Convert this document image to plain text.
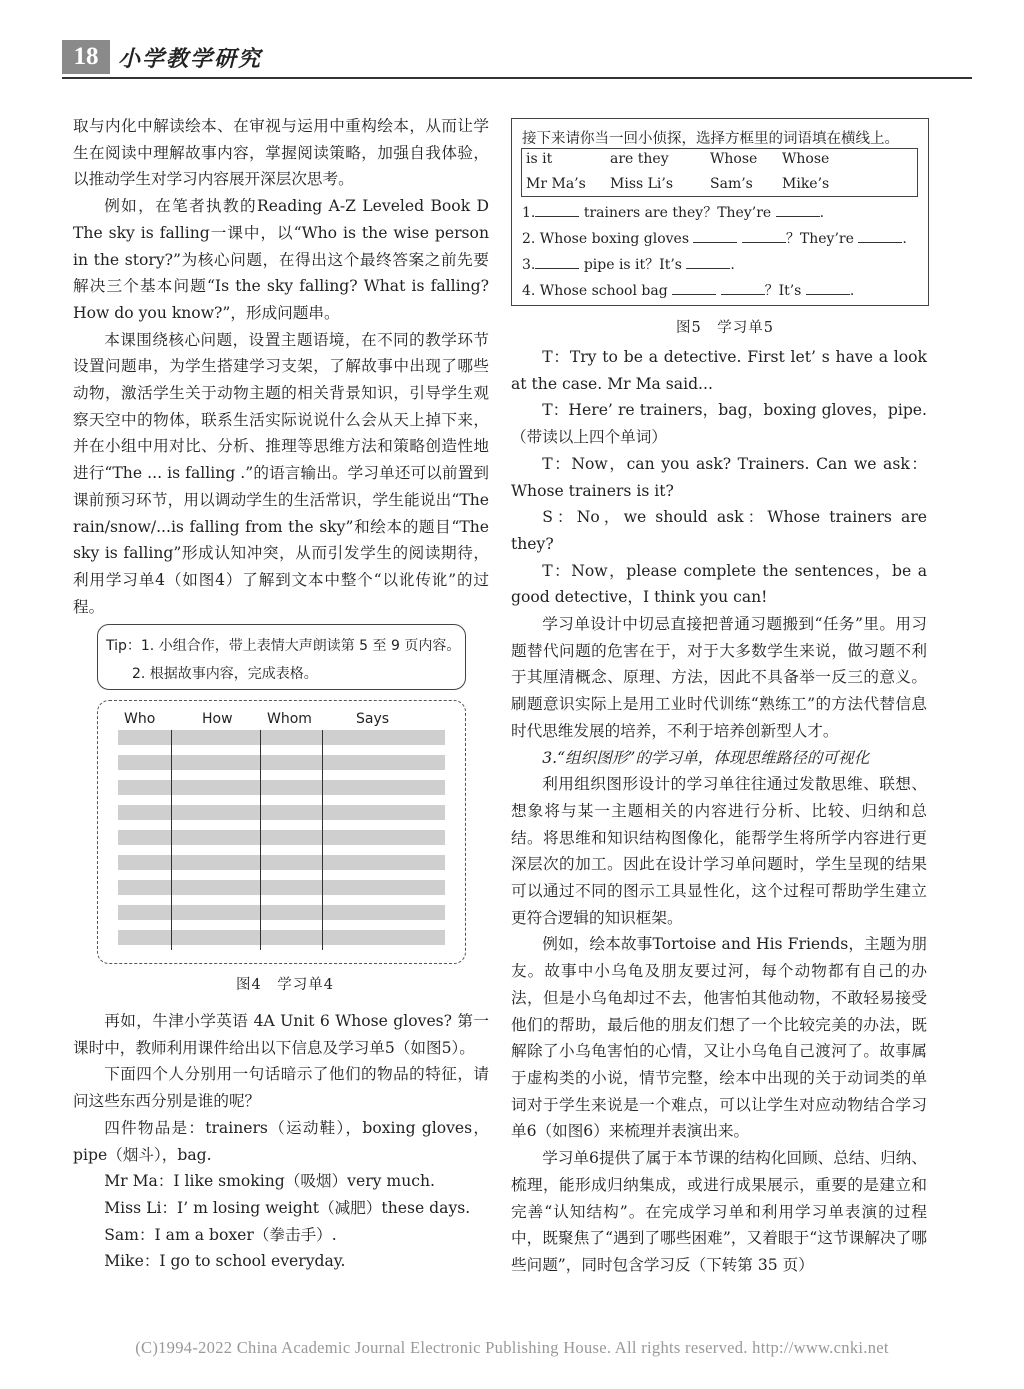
18 小学教学研究

取与内化中解读绘本、在审视与运用中重构绘本，从而让学生在阅读中理解故事内容，掌握阅读策略，加强自我体验，以推动学生对学习内容展开深层次思考。

例如，在笔者执教的Reading A-Z Leveled Book D The sky is falling一课中，以“Who is the wise person in the story?”为核心问题，在得出这个最终答案之前先要解决三个基本问题“Is the sky falling? What is falling? How do you know?”，形成问题串。

本课围绕核心问题，设置主题语境，在不同的教学环节设置问题串，为学生搭建学习支架，了解故事中出现了哪些动物，激活学生关于动物主题的相关背景知识，引导学生观察天空中的物体，联系生活实际说说什么会从天上掉下来，并在小组中用对比、分析、推理等思维方法和策略创造性地进行“The ... is falling .”的语言输出。学习单还可以前置到课前预习环节，用以调动学生的生活常识，学生能说出“The rain/snow/...is falling from the sky”和绘本的题目“The sky is falling”形成认知冲突，从而引发学生的阅读期待，利用学习单4（如图4）了解到文本中整个“以讹传讹”的过程。

Tip：1. 小组合作，带上表情大声朗读第 5 至 9 页内容。
2. 根据故事内容，完成表格。
Who	How Whom	Says
图4　学习单4

再如，牛津小学英语 4A Unit 6 Whose gloves? 第一课时中，教师利用课件给出以下信息及学习单5（如图5）。

下面四个人分别用一句话暗示了他们的物品的特征，请问这些东西分别是谁的呢？

四件物品是：trainers（运动鞋），boxing gloves，pipe（烟斗），bag.

Mr Ma：I like smoking（吸烟）very much.

Miss Li：I’ m losing weight（减肥）these days.

Sam：I am a boxer（拳击手）.

Mike：I go to school everyday.

接下来请你当一回小侦探，选择方框里的词语填在横线上。
is it	are they	Whose Whose
Mr Ma’s Miss Li’s	Sam’s Mike’s
1.	trainers are they？They’re	.
2. Whose boxing gloves	？They’re	.
3.	pipe is it？It’s	.
4. Whose school bag	？It’s	.
图5　学习单5

T：Try to be a detective. First let’ s have a look at the case. Mr Ma said...

T：Here’ re trainers，bag，boxing gloves，pipe.（带读以上四个单词）

T：Now，can you ask? Trainers. Can we ask：Whose trainers is it?

S：No，we should ask：Whose trainers are they?

T：Now，please complete the sentences，be a good detective，I think you can!

学习单设计中切忌直接把普通习题搬到“任务”里。用习题替代问题的危害在于，对于大多数学生来说，做习题不利于其厘清概念、原理、方法，因此不具备举一反三的意义。刷题意识实际上是用工业时代训练“熟练工”的方法代替信息时代思维发展的培养，不利于培养创新型人才。

3.“组织图形”的学习单，体现思维路径的可视化

利用组织图形设计的学习单往往通过发散思维、联想、想象将与某一主题相关的内容进行分析、比较、归纳和总结。将思维和知识结构图像化，能帮学生将所学内容进行更深层次的加工。因此在设计学习单问题时，学生呈现的结果可以通过不同的图示工具显性化，这个过程可帮助学生建立更符合逻辑的知识框架。

例如，绘本故事Tortoise and His Friends，主题为朋友。故事中小乌龟及朋友要过河，每个动物都有自己的办法，但是小乌龟却过不去，他害怕其他动物，不敢轻易接受他们的帮助，最后他的朋友们想了一个比较完美的办法，既解除了小乌龟害怕的心情，又让小乌龟自己渡河了。故事属于虚构类的小说，情节完整，绘本中出现的关于动词类的单词对于学生来说是一个难点，可以让学生对应动物结合学习单6（如图6）来梳理并表演出来。

学习单6提供了属于本节课的结构化回顾、总结、归纳、梳理，能形成归纳集成，或进行成果展示，重要的是建立和完善“认知结构”。在完成学习单和利用学习单表演的过程中，既聚焦了“遇到了哪些困难”，又着眼于“这节课解决了哪些问题”，同时包含学习反（下转第 35 页）

(C)1994-2022 China Academic Journal Electronic Publishing House. All rights reserved. http://www.cnki.net
